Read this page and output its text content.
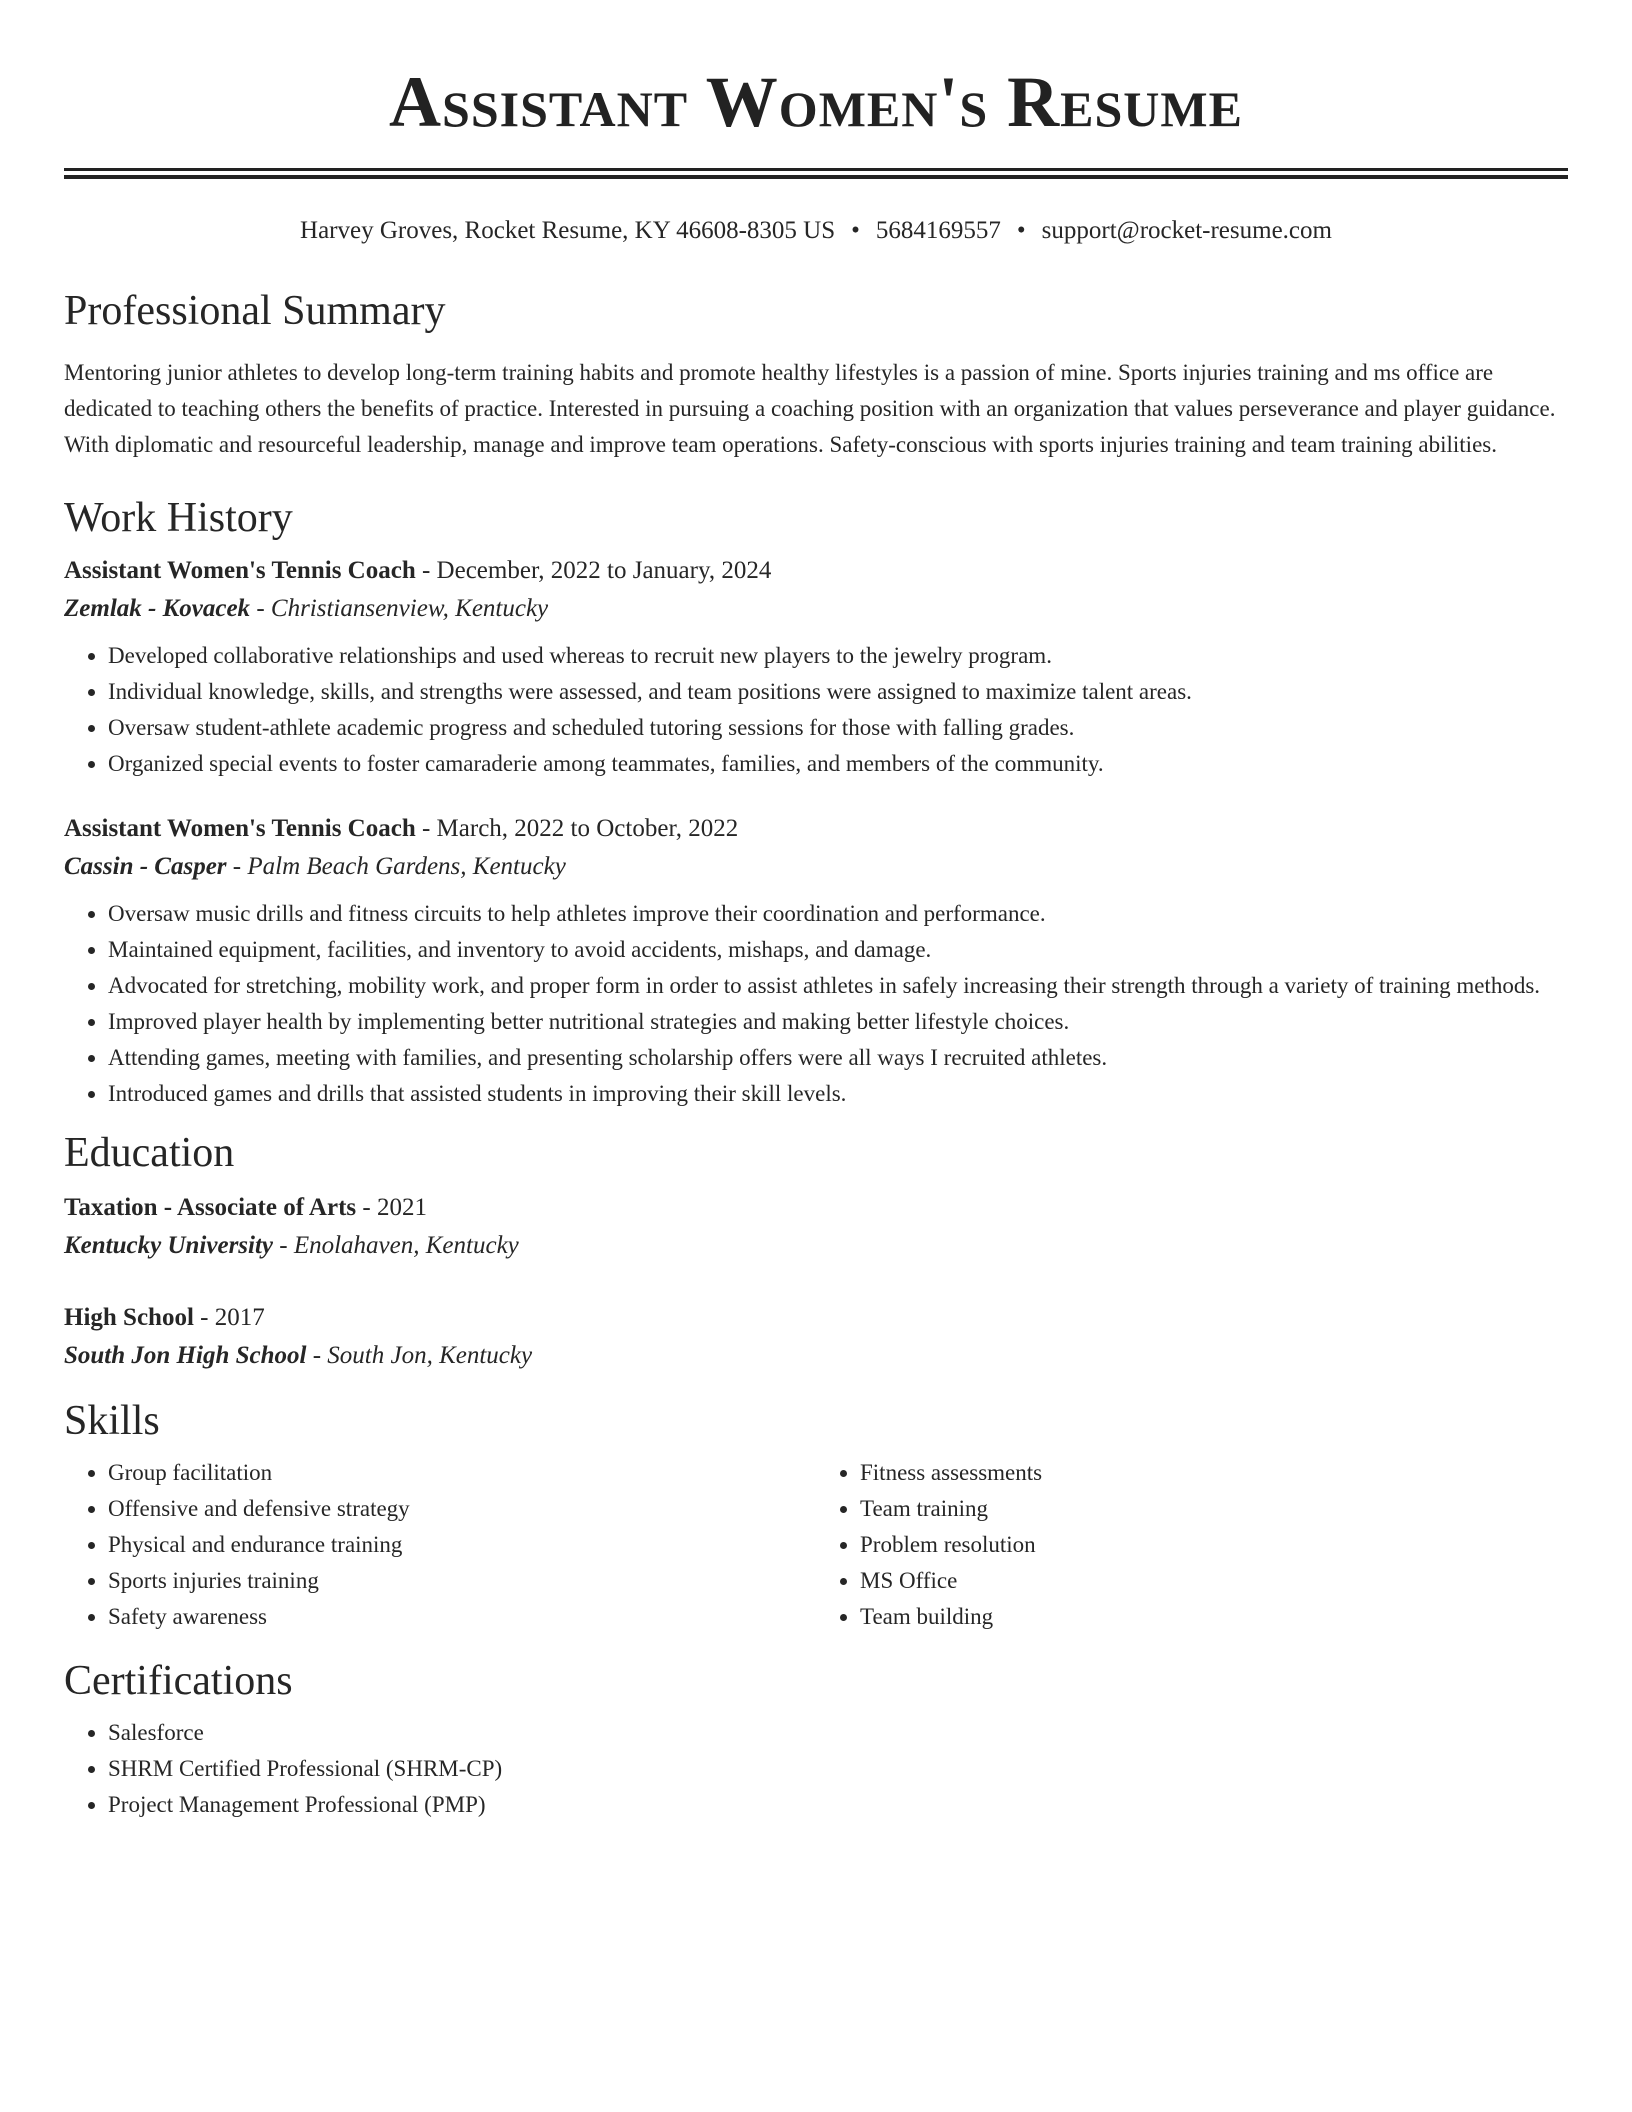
Assistant Women's Resume
Harvey Groves, Rocket Resume, KY 46608-8305 US • 5684169557 • support@rocket-resume.com
Professional Summary

Mentoring junior athletes to develop long-term training habits and promote healthy lifestyles is a passion of mine. Sports injuries training and ms office are dedicated to teaching others the benefits of practice. Interested in pursuing a coaching position with an organization that values perseverance and player guidance. With diplomatic and resourceful leadership, manage and improve team operations. Safety-conscious with sports injuries training and team training abilities.

Work History
Assistant Women's Tennis Coach - December, 2022 to January, 2024
Zemlak - Kovacek - Christiansenview, Kentucky
• Developed collaborative relationships and used whereas to recruit new players to the jewelry program.
• Individual knowledge, skills, and strengths were assessed, and team positions were assigned to maximize talent areas.
• Oversaw student-athlete academic progress and scheduled tutoring sessions for those with falling grades.
• Organized special events to foster camaraderie among teammates, families, and members of the community.
Assistant Women's Tennis Coach - March, 2022 to October, 2022
Cassin - Casper - Palm Beach Gardens, Kentucky
• Oversaw music drills and fitness circuits to help athletes improve their coordination and performance.
• Maintained equipment, facilities, and inventory to avoid accidents, mishaps, and damage.
• Advocated for stretching, mobility work, and proper form in order to assist athletes in safely increasing their strength through a variety of training methods.
• Improved player health by implementing better nutritional strategies and making better lifestyle choices.
• Attending games, meeting with families, and presenting scholarship offers were all ways I recruited athletes.
• Introduced games and drills that assisted students in improving their skill levels.
Education
Taxation - Associate of Arts - 2021
Kentucky University - Enolahaven, Kentucky
High School - 2017
South Jon High School - South Jon, Kentucky
Skills
• Group facilitation
• Offensive and defensive strategy
• Physical and endurance training
• Sports injuries training
• Safety awareness
• Fitness assessments
• Team training
• Problem resolution
• MS Office
• Team building
Certifications
• Salesforce
• SHRM Certified Professional (SHRM-CP)
• Project Management Professional (PMP)
